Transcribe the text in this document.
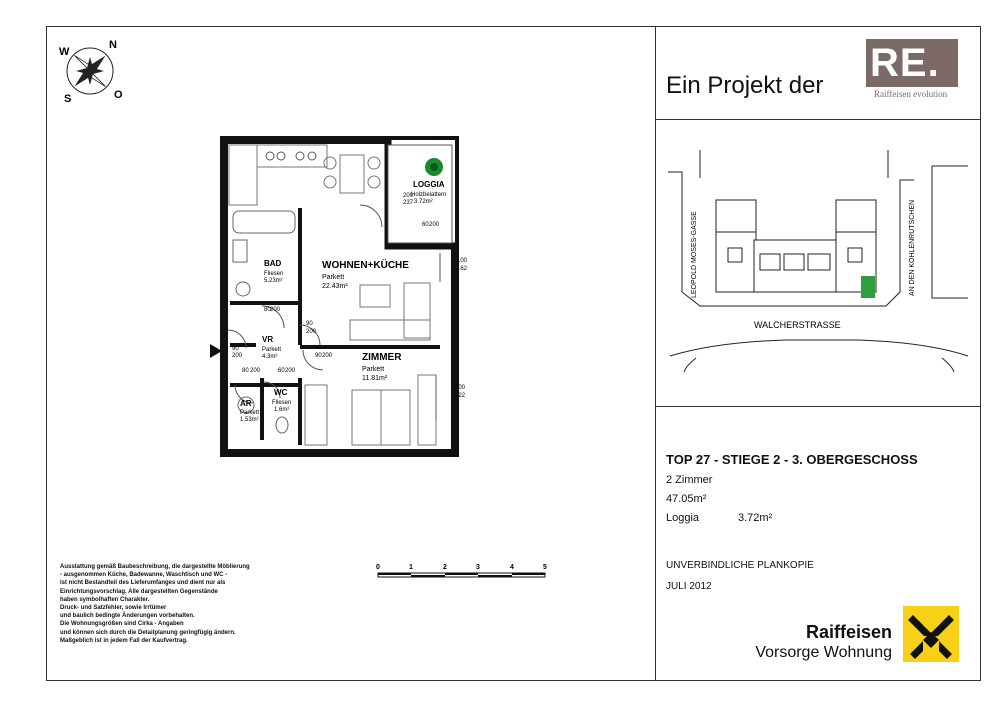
W
N
S	O
LOGGIA
Holzbelattern
3.72m²
WOHNEN+KÜCHE
Parkett
22.43m²
BAD
Fliesen
5.23m²
VR
Parkett
4.3m²	ZIMMER
Parkett
11.81m²
WC
Fliesen
1.6m²
AR
Parkett
1.53m²
200
237
100
162
200
122
80 200
90
200
90
200
80 200	60 200
90 200
60 200
0	1	2	3	4	5
Ausstattung gemäß Baubeschreibung, die dargestellte Möblierung
- ausgenommen Küche, Badewanne, Waschtisch und WC -
ist nicht Bestandteil des Lieferumfanges und dient nur als
Einrichtungsvorschlag. Alle dargestellten Gegenstände
haben symbolhaften Charakter.
Druck- und Satzfehler, sowie Irrtümer
und baulich bedingte Änderungen vorbehalten.
Die Wohnungsgrößen sind Cirka - Angaben
und können sich durch die Detailplanung geringfügig ändern.
Maßgeblich ist in jedem Fall der Kaufvertrag.
Ein Projekt der
RE.
Raiffeisen evolution
LEOPOLD MOSES-GASSE	AN DEN KOHLENRUTSCHEN
WALCHERSTRASSE
TOP 27 - STIEGE 2 - 3. OBERGESCHOSS
2 Zimmer
47.05m²
Loggia	3.72m²
UNVERBINDLICHE PLANKOPIE
JULI 2012
Raiffeisen
Vorsorge Wohnung
